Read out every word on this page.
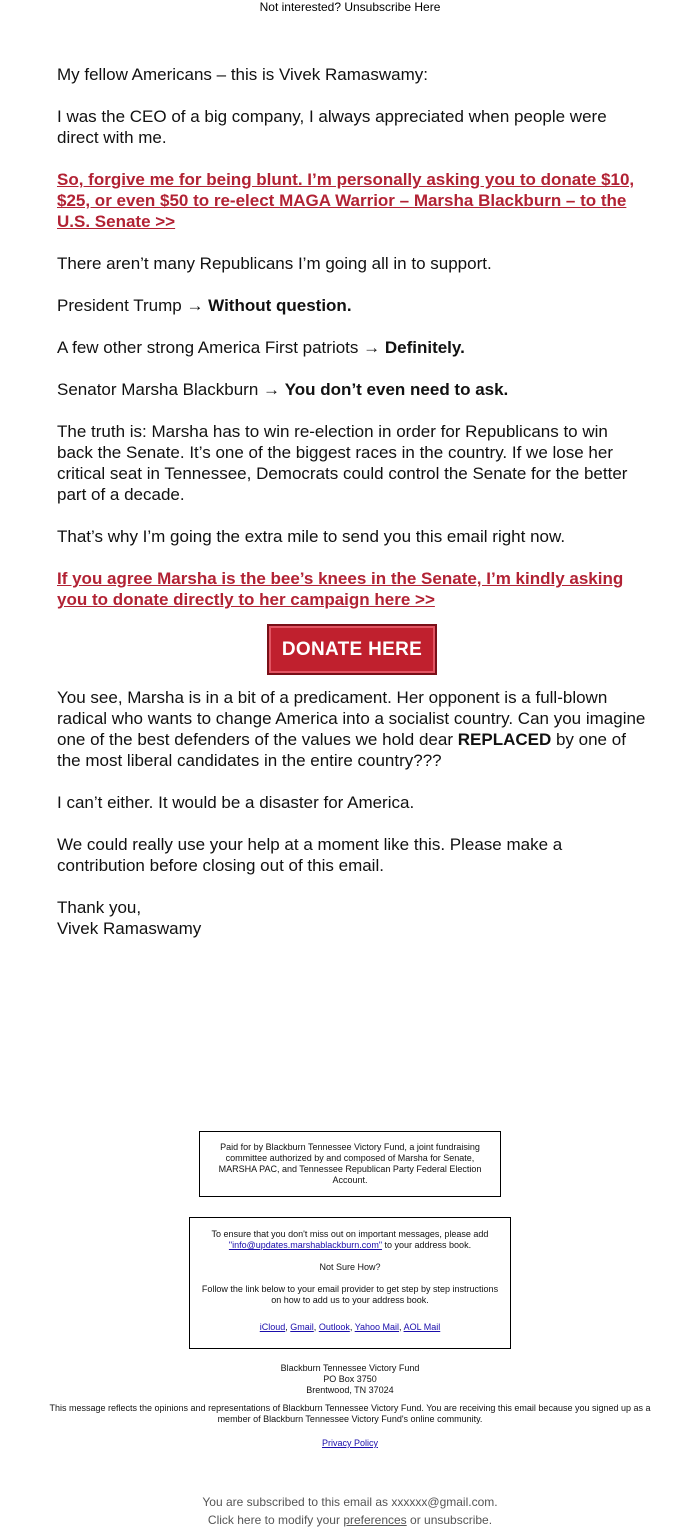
Not interested? Unsubscribe Here

My fellow Americans – this is Vivek Ramaswamy:

I was the CEO of a big company, I always appreciated when people were direct with me.

So, forgive me for being blunt. I’m personally asking you to donate $10, $25, or even $50 to re-elect MAGA Warrior – Marsha Blackburn – to the U.S. Senate >>

There aren’t many Republicans I’m going all in to support.

President Trump → Without question.

A few other strong America First patriots → Definitely.

Senator Marsha Blackburn → You don’t even need to ask.

The truth is: Marsha has to win re-election in order for Republicans to win back the Senate. It’s one of the biggest races in the country. If we lose her critical seat in Tennessee, Democrats could control the Senate for the better part of a decade.

That’s why I’m going the extra mile to send you this email right now.

If you agree Marsha is the bee’s knees in the Senate, I’m kindly asking you to donate directly to her campaign here >>

DONATE HERE

You see, Marsha is in a bit of a predicament. Her opponent is a full-blown radical who wants to change America into a socialist country. Can you imagine one of the best defenders of the values we hold dear REPLACED by one of the most liberal candidates in the entire country???

I can’t either. It would be a disaster for America.

We could really use your help at a moment like this. Please make a contribution before closing out of this email.

Thank you,
Vivek Ramaswamy
Paid for by Blackburn Tennessee Victory Fund, a joint fundraising committee authorized by and composed of Marsha for Senate, MARSHA PAC, and Tennessee Republican Party Federal Election Account.

To ensure that you don't miss out on important messages, please add "info@updates.marshablackburn.com" to your address book.

Not Sure How?

Follow the link below to your email provider to get step by step instructions on how to add us to your address book.

iCloud, Gmail, Outlook, Yahoo Mail, AOL Mail

Blackburn Tennessee Victory Fund
PO Box 3750
Brentwood, TN 37024
This message reflects the opinions and representations of Blackburn Tennessee Victory Fund. You are receiving this email because you signed up as a member of Blackburn Tennessee Victory Fund's online community.
Privacy Policy
You are subscribed to this email as xxxxxx@gmail.com.
Click here to modify your preferences or unsubscribe.
